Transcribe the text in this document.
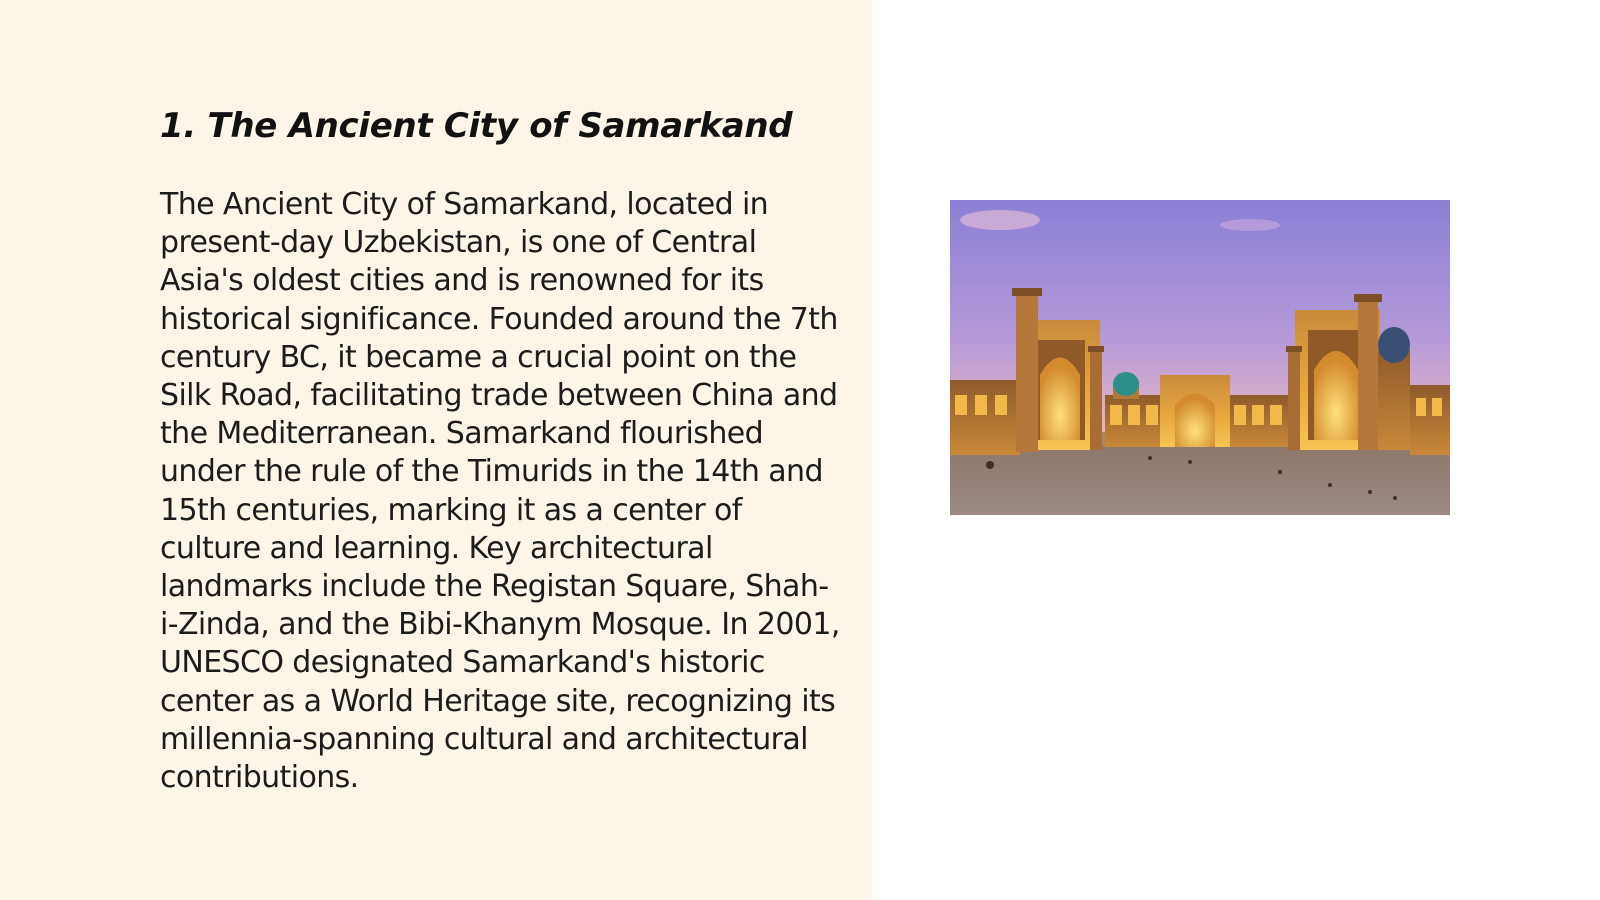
1. The Ancient City of Samarkand

The Ancient City of Samarkand, located in present-day Uzbekistan, is one of Central Asia's oldest cities and is renowned for its historical significance. Founded around the 7th century BC, it became a crucial point on the Silk Road, facilitating trade between China and the Mediterranean. Samarkand flourished under the rule of the Timurids in the 14th and 15th centuries, marking it as a center of culture and learning. Key architectural landmarks include the Registan Square, Shah-i-Zinda, and the Bibi-Khanym Mosque. In 2001, UNESCO designated Samarkand's historic center as a World Heritage site, recognizing its millennia-spanning cultural and architectural contributions.
